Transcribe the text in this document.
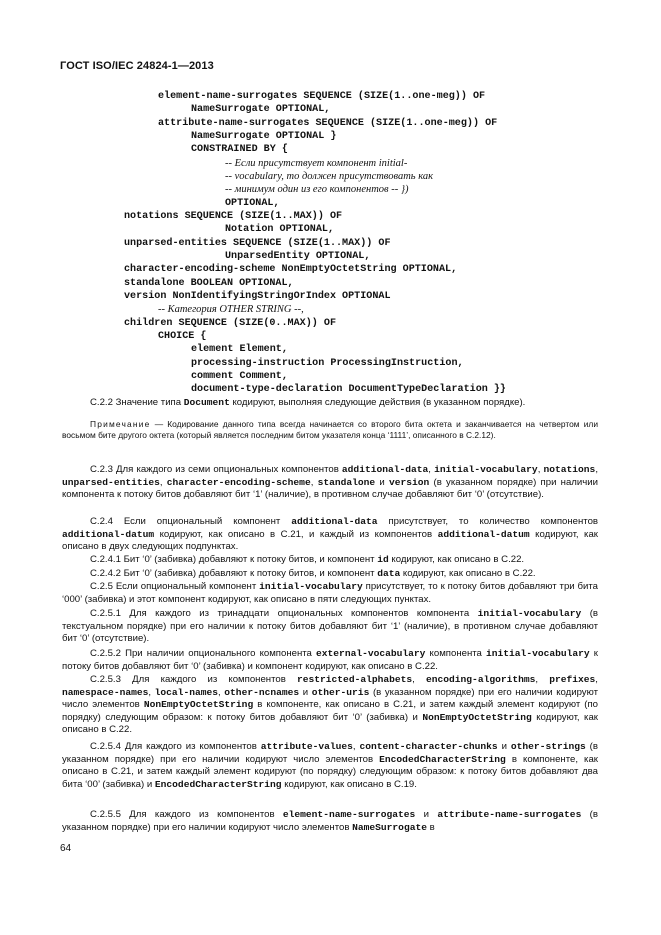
ГОСТ ISO/IEC 24824-1—2013
element-name-surrogates SEQUENCE (SIZE(1..one-meg)) OF
NameSurrogate OPTIONAL,
attribute-name-surrogates SEQUENCE (SIZE(1..one-meg)) OF
NameSurrogate OPTIONAL }
CONSTRAINED BY {
-- Если присутствует компонент initial-
-- vocabulary, то должен присутствовать как
-- минимум один из его компонентов -- })
OPTIONAL,
notations SEQUENCE (SIZE(1..MAX)) OF
Notation OPTIONAL,
unparsed-entities SEQUENCE (SIZE(1..MAX)) OF
UnparsedEntity OPTIONAL,
character-encoding-scheme NonEmptyOctetString OPTIONAL,
standalone BOOLEAN OPTIONAL,
version NonIdentifyingStringOrIndex OPTIONAL
-- Категория OTHER STRING --,
children SEQUENCE (SIZE(0..MAX)) OF
CHOICE {
element Element,
processing-instruction ProcessingInstruction,
comment Comment,
document-type-declaration DocumentTypeDeclaration }}
С.2.2 Значение типа Document кодируют, выполняя следующие действия (в указанном порядке).
Примечание — Кодирование данного типа всегда начинается со второго бита октета и заканчивается на четвертом или восьмом бите другого октета (который является последним битом указателя конца ‘1111’, описанного в С.2.12).
С.2.3 Для каждого из семи опциональных компонентов additional-data, initial-vocabulary, notations, unparsed-entities, character-encoding-scheme, standalone и version (в указанном порядке) при наличии компонента к потоку битов добавляют бит ‘1’ (наличие), в противном случае добавляют бит ‘0’ (отсутствие).
С.2.4 Если опциональный компонент additional-data присутствует, то количество компонентов additional-datum кодируют, как описано в С.21, и каждый из компонентов additional-datum кодируют, как описано в двух следующих подпунктах.
С.2.4.1 Бит ‘0’ (забивка) добавляют к потоку битов, и компонент id кодируют, как описано в С.22.
С.2.4.2 Бит ‘0’ (забивка) добавляют к потоку битов, и компонент data кодируют, как описано в С.22.
С.2.5 Если опциональный компонент initial-vocabulary присутствует, то к потоку битов добавляют три бита ‘000’ (забивка) и этот компонент кодируют, как описано в пяти следующих пунктах.
С.2.5.1 Для каждого из тринадцати опциональных компонентов компонента initial-vocabulary (в текстуальном порядке) при его наличии к потоку битов добавляют бит ‘1’ (наличие), в противном случае добавляют бит ‘0’ (отсутствие).
С.2.5.2 При наличии опционального компонента external-vocabulary компонента initial-vocabulary к потоку битов добавляют бит ‘0’ (забивка) и компонент кодируют, как описано в С.22.
С.2.5.3 Для каждого из компонентов restricted-alphabets, encoding-algorithms, prefixes, namespace-names, local-names, other-ncnames и other-uris (в указанном порядке) при его наличии кодируют число элементов NonEmptyOctetString в компоненте, как описано в С.21, и затем каждый элемент кодируют (по порядку) следующим образом: к потоку битов добавляют бит ‘0’ (забивка) и NonEmptyOctetString кодируют, как описано в С.22.
С.2.5.4 Для каждого из компонентов attribute-values, content-character-chunks и other-strings (в указанном порядке) при его наличии кодируют число элементов EncodedCharacterString в компоненте, как описано в С.21, и затем каждый элемент кодируют (по порядку) следующим образом: к потоку битов добавляют два бита ‘00’ (забивка) и EncodedCharacterString кодируют, как описано в С.19.
С.2.5.5 Для каждого из компонентов element-name-surrogates и attribute-name-surrogates (в указанном порядке) при его наличии кодируют число элементов NameSurrogate в
64
